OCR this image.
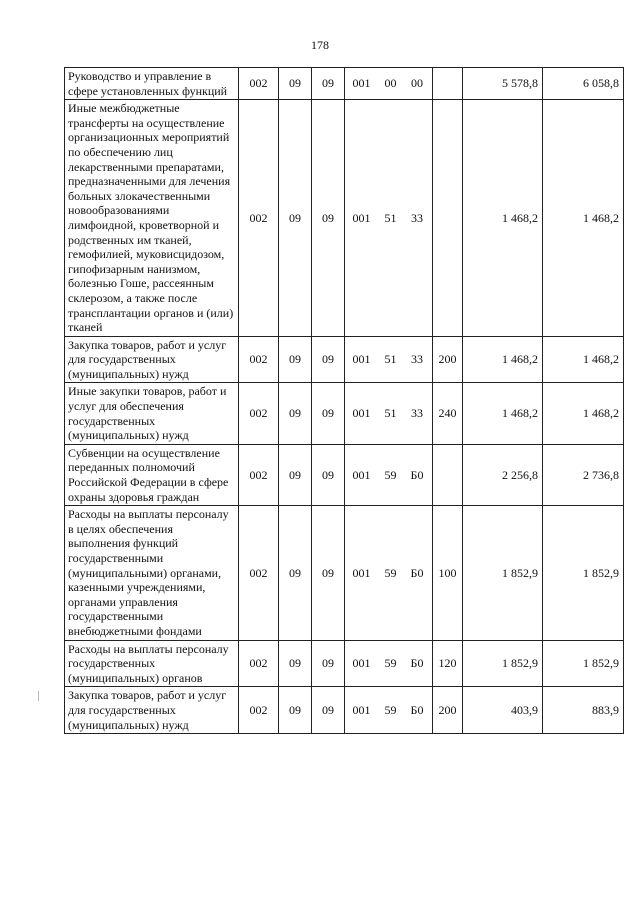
178
Руководство и управление в сфере установленных функций	002	09	09	001 00 00		5 578,8	6 058,8
Иные межбюджетные трансферты на осуществление организационных мероприятий по обеспечению лиц лекарственными препаратами, предназначенными для лечения больных злокачественными новообразованиями лимфоидной, кроветворной и родственных им тканей, гемофилией, муковисцидозом, гипофизарным нанизмом, болезнью Гоше, рассеянным склерозом, а также после трансплантации органов и (или) тканей	002	09	09	001 51 33		1 468,2	1 468,2
Закупка товаров, работ и услуг для государственных (муниципальных) нужд	002	09	09	001 51 33	200	1 468,2	1 468,2
Иные закупки товаров, работ и услуг для обеспечения государственных (муниципальных) нужд	002	09	09	001 51 33	240	1 468,2	1 468,2
Субвенции на осуществление переданных полномочий Российской Федерации в сфере охраны здоровья граждан	002	09	09	001 59 Б0		2 256,8	2 736,8
Расходы на выплаты персоналу в целях обеспечения выполнения функций государственными (муниципальными) органами, казенными учреждениями, органами управления государственными внебюджетными фондами	002	09	09	001 59 Б0	100	1 852,9	1 852,9
Расходы на выплаты персоналу государственных (муниципальных) органов	002	09	09	001 59 Б0	120	1 852,9	1 852,9
Закупка товаров, работ и услуг для государственных (муниципальных) нужд	002	09	09	001 59 Б0	200	403,9	883,9
